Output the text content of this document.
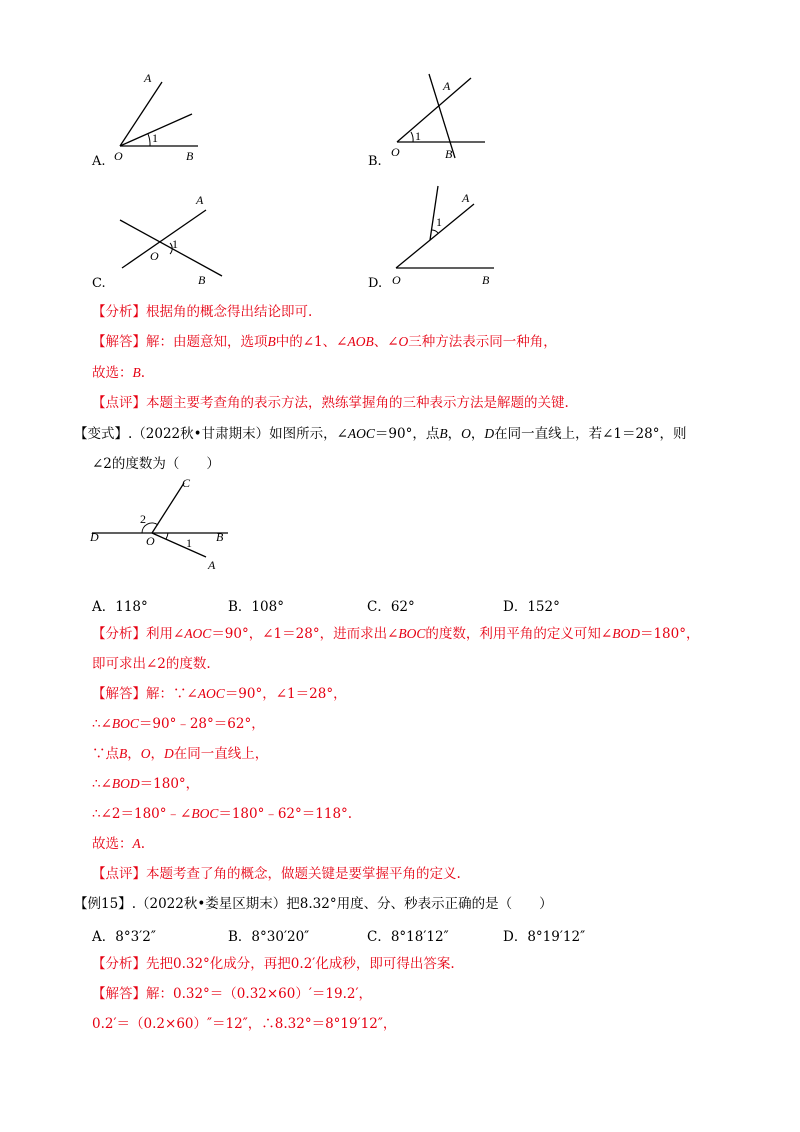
A
1
O	B
A.
A
1
O	B
B.
A
1
O
B
C.
A
1
O	B
D.
【分析】根据角的概念得出结论即可.
【解答】解：由题意知，选项B中的∠1、∠AOB、∠O三种方法表示同一种角，
故选：B.
【点评】本题主要考查角的表示方法，熟练掌握角的三种表示方法是解题的关键.
【变式】.（2022秋•甘肃期末）如图所示，∠AOC＝90°，点B，O，D在同一直线上，若∠1＝28°，则
∠2的度数为（　　）
C
2
D	O	1 B
A
A．118°	B．108°	C．62°	D．152°
【分析】利用∠AOC＝90°，∠1＝28°，进而求出∠BOC的度数，利用平角的定义可知∠BOD＝180°，
即可求出∠2的度数.
【解答】解：∵∠AOC＝90°，∠1＝28°，
∴∠BOC＝90°﹣28°＝62°，
∵点B，O，D在同一直线上，
∴∠BOD＝180°，
∴∠2＝180°﹣∠BOC＝180°﹣62°＝118°.
故选：A.
【点评】本题考查了角的概念，做题关键是要掌握平角的定义.
【例15】.（2022秋•娄星区期末）把8.32°用度、分、秒表示正确的是（　　）
A．8°3′2″	B．8°30′20″	C．8°18′12″	D．8°19′12″
【分析】先把0.32°化成分，再把0.2′化成秒，即可得出答案.
【解答】解：0.32°＝（0.32×60）′＝19.2′，
0.2′＝（0.2×60）″＝12″，∴8.32°＝8°19′12″，
